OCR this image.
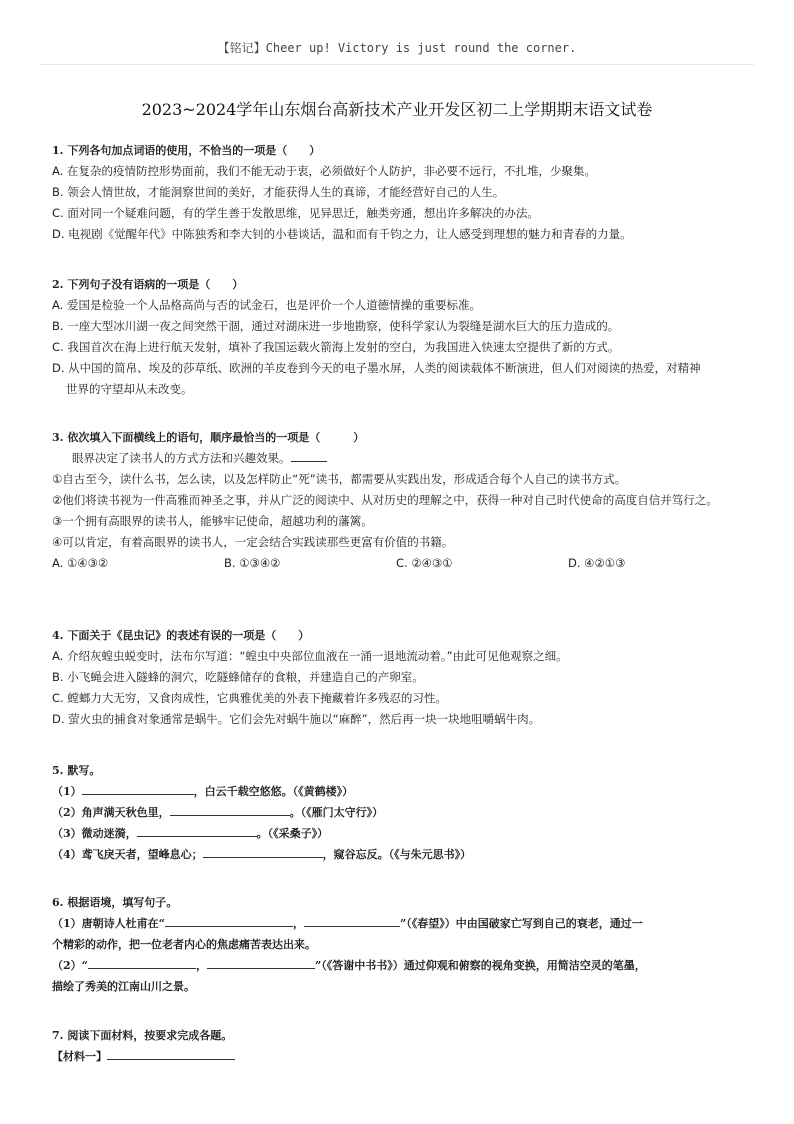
【铭记】Cheer up! Victory is just round the corner.
2023~2024学年山东烟台高新技术产业开发区初二上学期期末语文试卷
1. 下列各句加点词语的使用，不恰当的一项是（　　）
A. 在复杂的疫情防控形势面前，我们不能无动于衷，必须做好个人防护，非必要不远行，不扎堆，少聚集。
B. 领会人情世故，才能洞察世间的美好，才能获得人生的真谛，才能经营好自己的人生。
C. 面对同一个疑难问题，有的学生善于发散思维，见异思迁，触类旁通，想出许多解决的办法。
D. 电视剧《觉醒年代》中陈独秀和李大钊的小巷谈话，温和而有千钧之力，让人感受到理想的魅力和青春的力量。
2. 下列句子没有语病的一项是（　　）
A. 爱国是检验一个人品格高尚与否的试金石，也是评价一个人道德情操的重要标准。
B. 一座大型冰川湖一夜之间突然干涸，通过对湖床进一步地勘察，使科学家认为裂缝是湖水巨大的压力造成的。
C. 我国首次在海上进行航天发射，填补了我国运载火箭海上发射的空白，为我国进入快速太空提供了新的方式。
D. 从中国的简帛、埃及的莎草纸、欧洲的羊皮卷到今天的电子墨水屏，人类的阅读载体不断演进，但人们对阅读的热爱，对精神
世界的守望却从未改变。
3. 依次填入下面横线上的语句，顺序最恰当的一项是（　　　）
眼界决定了读书人的方式方法和兴趣效果。
①自古至今，读什么书，怎么读，以及怎样防止“死”读书，都需要从实践出发，形成适合每个人自己的读书方式。
②他们将读书视为一件高雅而神圣之事，并从广泛的阅读中、从对历史的理解之中，获得一种对自己时代使命的高度自信并笃行之。
③一个拥有高眼界的读书人，能够牢记使命，超越功利的藩篱。
④可以肯定，有着高眼界的读书人，一定会结合实践读那些更富有价值的书籍。
A. ①④③②	B. ①③④②	C. ②④③①	D. ④②①③
4. 下面关于《昆虫记》的表述有误的一项是（　　）
A. 介绍灰蝗虫蜕变时，法布尔写道：“蝗虫中央部位血液在一涌一退地流动着。”由此可见他观察之细。
B. 小飞蝇会进入隧蜂的洞穴，吃隧蜂储存的食粮，并建造自己的产卵室。
C. 螳螂力大无穷，又食肉成性，它典雅优美的外表下掩藏着许多残忍的习性。
D. 萤火虫的捕食对象通常是蜗牛。它们会先对蜗牛施以“麻醉”，然后再一块一块地咀嚼蜗牛肉。
5. 默写。
（1）	，白云千载空悠悠。（《黄鹤楼》）
（2）角声满天秋色里，	。（《雁门太守行》）
（3）微动迷漪，	。（《采桑子》）
（4）鸢飞戾天者，望峰息心；	，窥谷忘反。（《与朱元思书》）
6. 根据语境，填写句子。
（1）唐朝诗人杜甫在“	，	”（《春望》）中由国破家亡写到自己的衰老，通过一
个精彩的动作，把一位老者内心的焦虑痛苦表达出来。
（2）“	，	”（《答谢中书书》）通过仰观和俯察的视角变换，用简洁空灵的笔墨，
描绘了秀美的江南山川之景。
7. 阅读下面材料，按要求完成各题。
【材料一】
